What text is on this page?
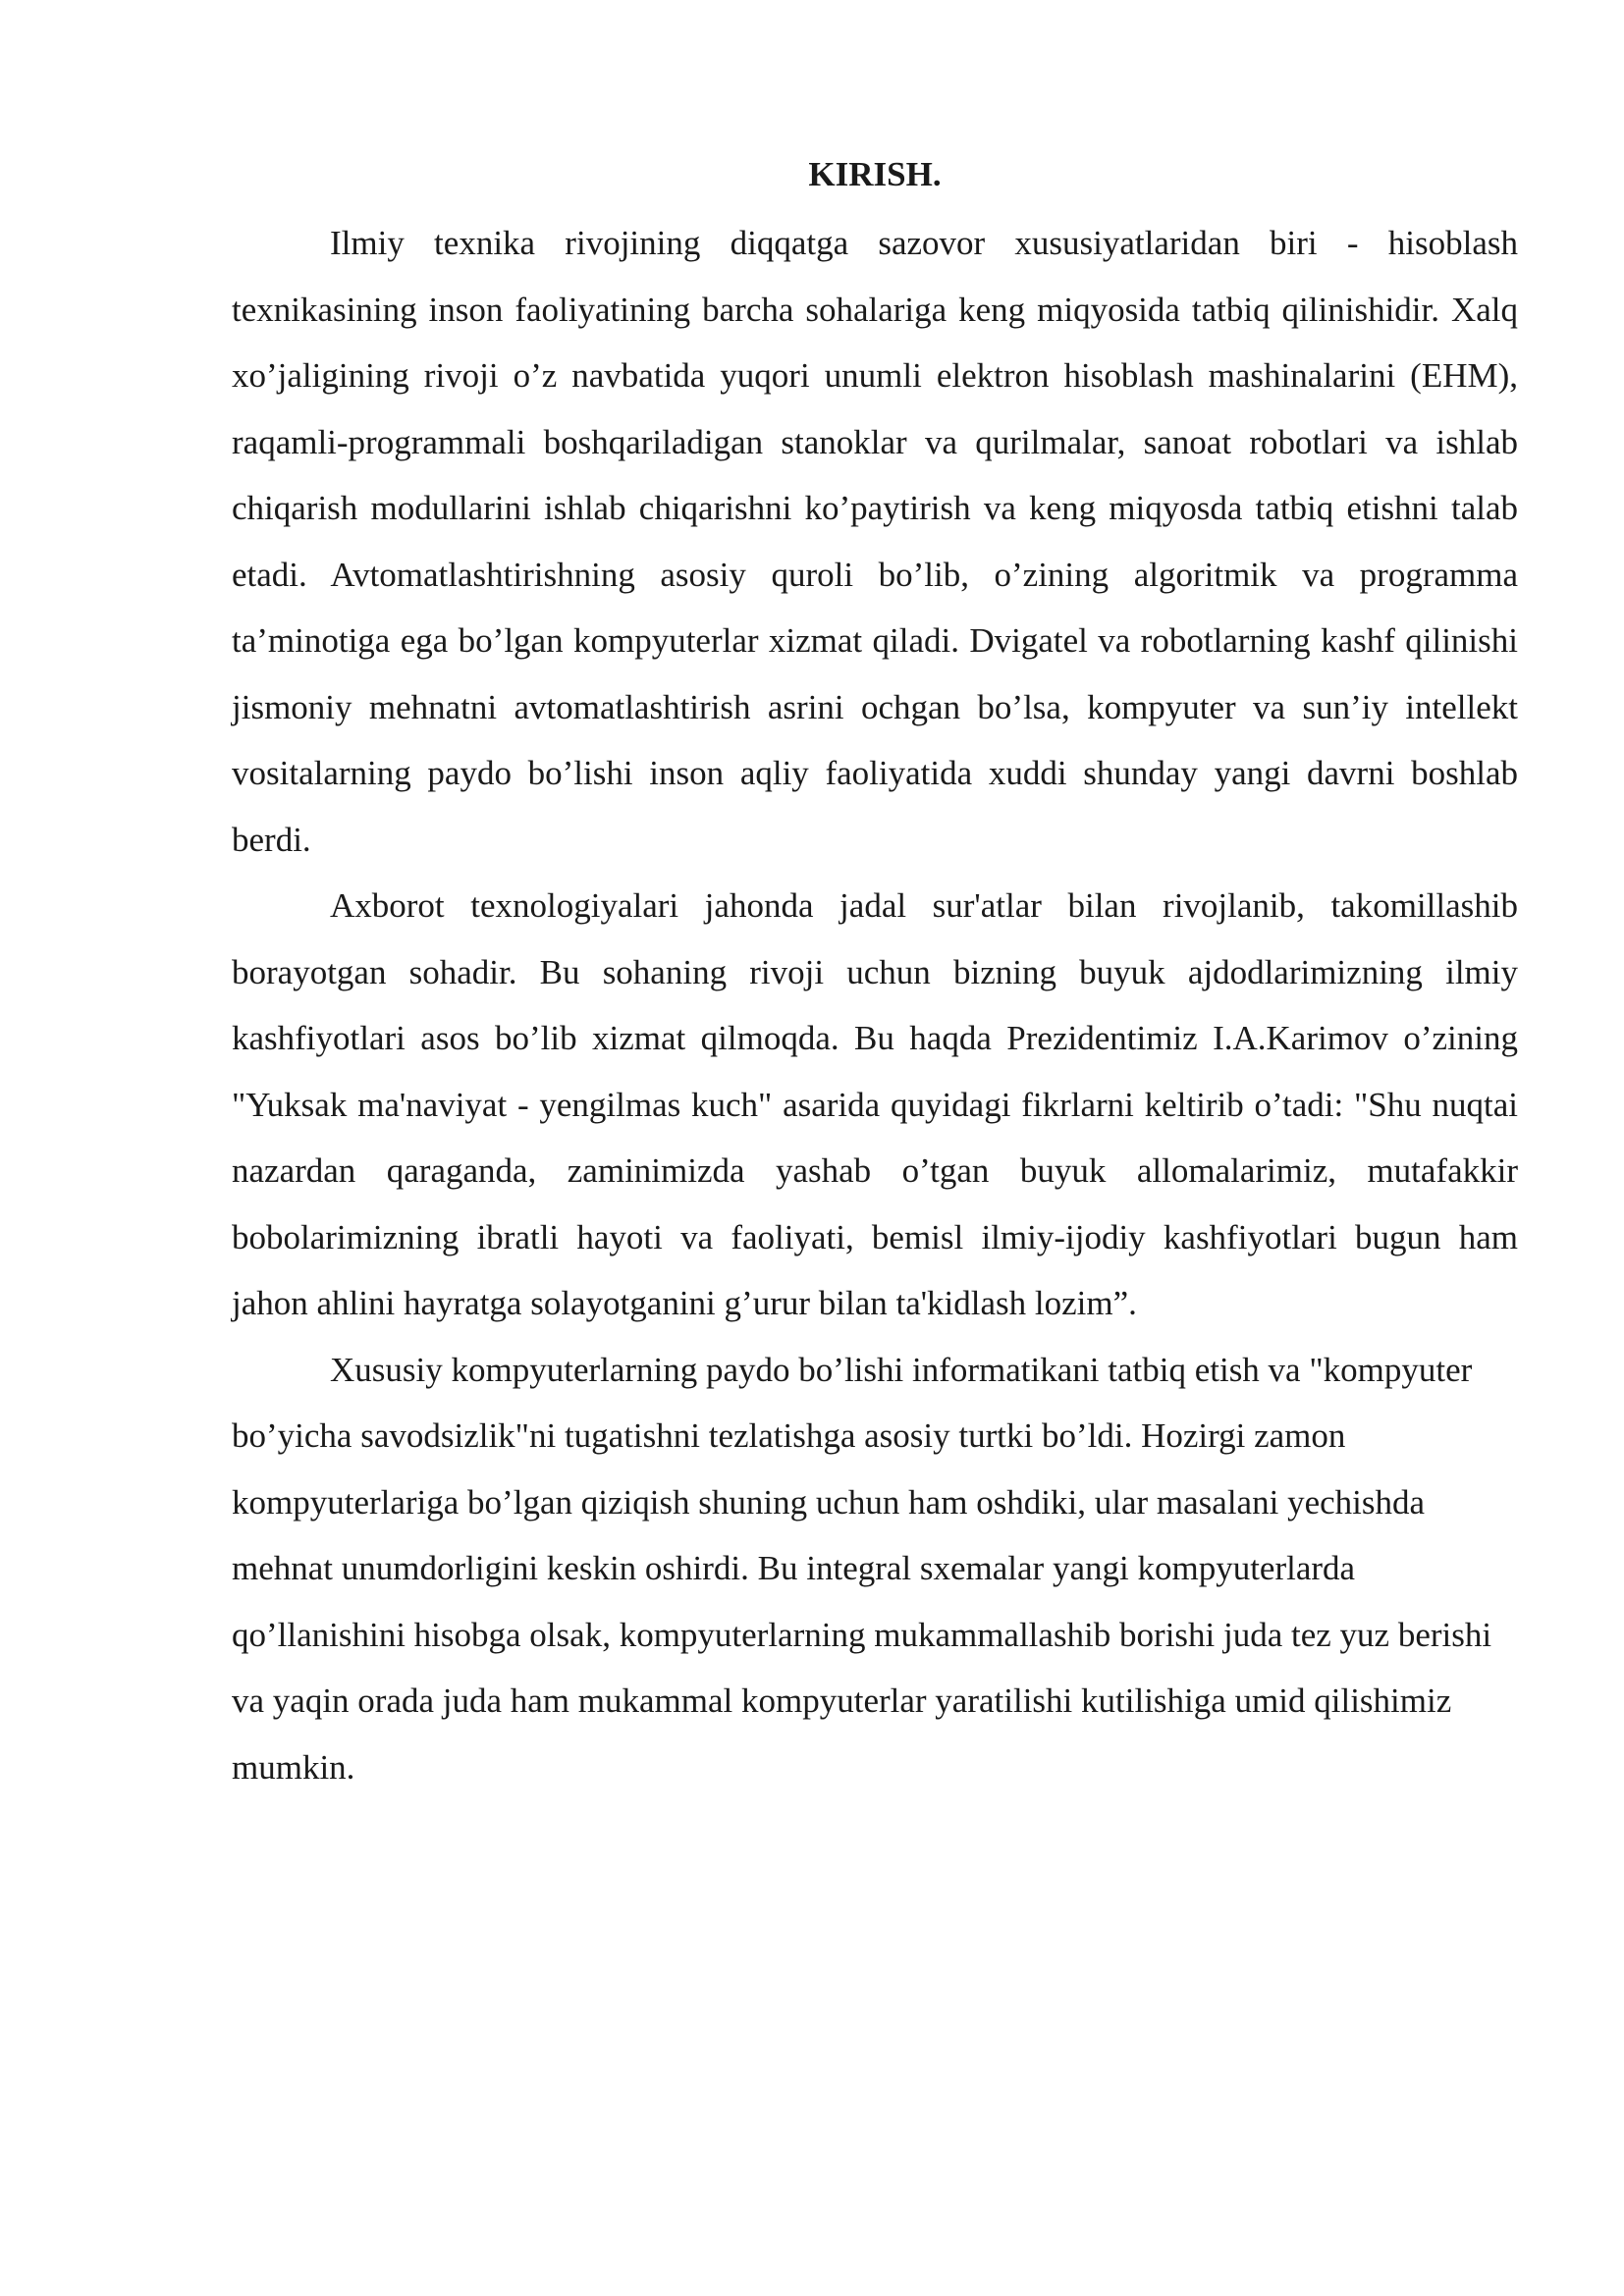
KIRISH.

Ilmiy texnika rivojining diqqatga sazovor xususiyatlaridan biri - hisoblash texnikasining inson faoliyatining barcha sohalariga keng miqyosida tatbiq qilinishidir. Xalq xo’jaligining rivoji o’z navbatida yuqori unumli elektron hisoblash mashinalarini (EHM), raqamli-programmali boshqariladigan stanoklar va qurilmalar, sanoat robotlari va ishlab chiqarish modullarini ishlab chiqarishni ko’paytirish va keng miqyosda tatbiq etishni talab etadi. Avtomatlashtirishning asosiy quroli bo’lib, o’zining algoritmik va programma ta’minotiga ega bo’lgan kompyuterlar xizmat qiladi. Dvigatel va robotlarning kashf qilinishi jismoniy mehnatni avtomatlashtirish asrini ochgan bo’lsa, kompyuter va sun’iy intellekt vositalarning paydo bo’lishi inson aqliy faoliyatida xuddi shunday yangi davrni boshlab berdi.

Axborot texnologiyalari jahonda jadal sur'atlar bilan rivojlanib, takomillashib borayotgan sohadir. Bu sohaning rivoji uchun bizning buyuk ajdodlarimizning ilmiy kashfiyotlari asos bo’lib xizmat qilmoqda. Bu haqda Prezidentimiz I.A.Karimov o’zining "Yuksak ma'naviyat - yengilmas kuch" asarida quyidagi fikrlarni keltirib o’tadi: "Shu nuqtai nazardan qaraganda, zaminimizda yashab o’tgan buyuk allomalarimiz, mutafakkir bobolarimizning ibratli hayoti va faoliyati, bemisl ilmiy-ijodiy kashfiyotlari bugun ham jahon ahlini hayratga solayotganini g’urur bilan ta'kidlash lozim”.

Xususiy kompyuterlarning paydo bo’lishi informatikani tatbiq etish va "kompyuter bo’yicha savodsizlik"ni tugatishni tezlatishga asosiy turtki bo’ldi. Hozirgi zamon kompyuterlariga bo’lgan qiziqish shuning uchun ham oshdiki, ular masalani yechishda mehnat unumdorligini keskin oshirdi. Bu integral sxemalar yangi kompyuterlarda qo’llanishini hisobga olsak, kompyuterlarning mukammallashib borishi juda tez yuz berishi va yaqin orada juda ham mukammal kompyuterlar yaratilishi kutilishiga umid qilishimiz mumkin.
